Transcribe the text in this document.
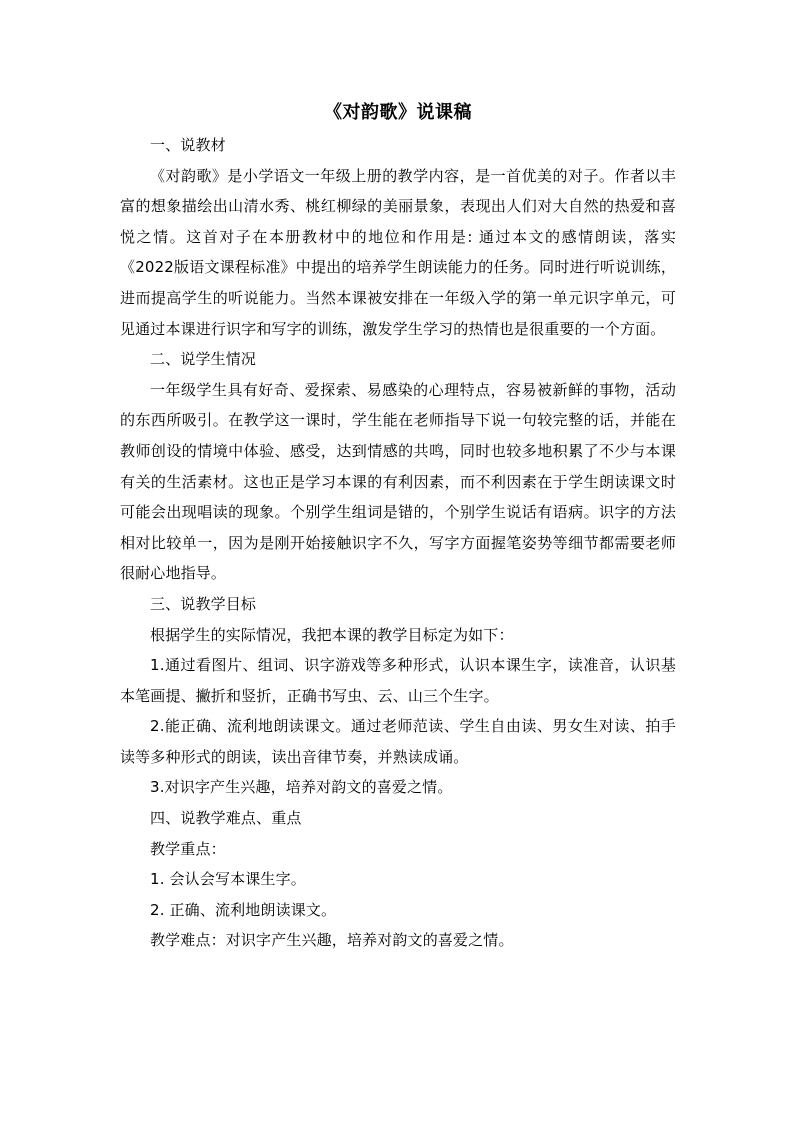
《对韵歌》说课稿

一、说教材

《对韵歌》是小学语文一年级上册的教学内容，是一首优美的对子。作者以丰富的想象描绘出山清水秀、桃红柳绿的美丽景象，表现出人们对大自然的热爱和喜悦之情。这首对子在本册教材中的地位和作用是: 通过本文的感情朗读，落实《2022版语文课程标准》中提出的培养学生朗读能力的任务。同时进行听说训练，进而提高学生的听说能力。当然本课被安排在一年级入学的第一单元识字单元，可见通过本课进行识字和写字的训练，激发学生学习的热情也是很重要的一个方面。

二、说学生情况

一年级学生具有好奇、爱探索、易感染的心理特点，容易被新鲜的事物，活动的东西所吸引。在教学这一课时，学生能在老师指导下说一句较完整的话，并能在教师创设的情境中体验、感受，达到情感的共鸣，同时也较多地积累了不少与本课有关的生活素材。这也正是学习本课的有利因素，而不利因素在于学生朗读课文时可能会出现唱读的现象。个别学生组词是错的，个别学生说话有语病。识字的方法相对比较单一，因为是刚开始接触识字不久，写字方面握笔姿势等细节都需要老师很耐心地指导。

三、说教学目标

根据学生的实际情况，我把本课的教学目标定为如下：

1.通过看图片、组词、识字游戏等多种形式，认识本课生字，读准音，认识基本笔画提、撇折和竖折，正确书写虫、云、山三个生字。

2.能正确、流利地朗读课文。通过老师范读、学生自由读、男女生对读、拍手读等多种形式的朗读，读出音律节奏，并熟读成诵。

3.对识字产生兴趣，培养对韵文的喜爱之情。

四、说教学难点、重点

教学重点：

1. 会认会写本课生字。

2. 正确、流利地朗读课文。

教学难点：对识字产生兴趣，培养对韵文的喜爱之情。
